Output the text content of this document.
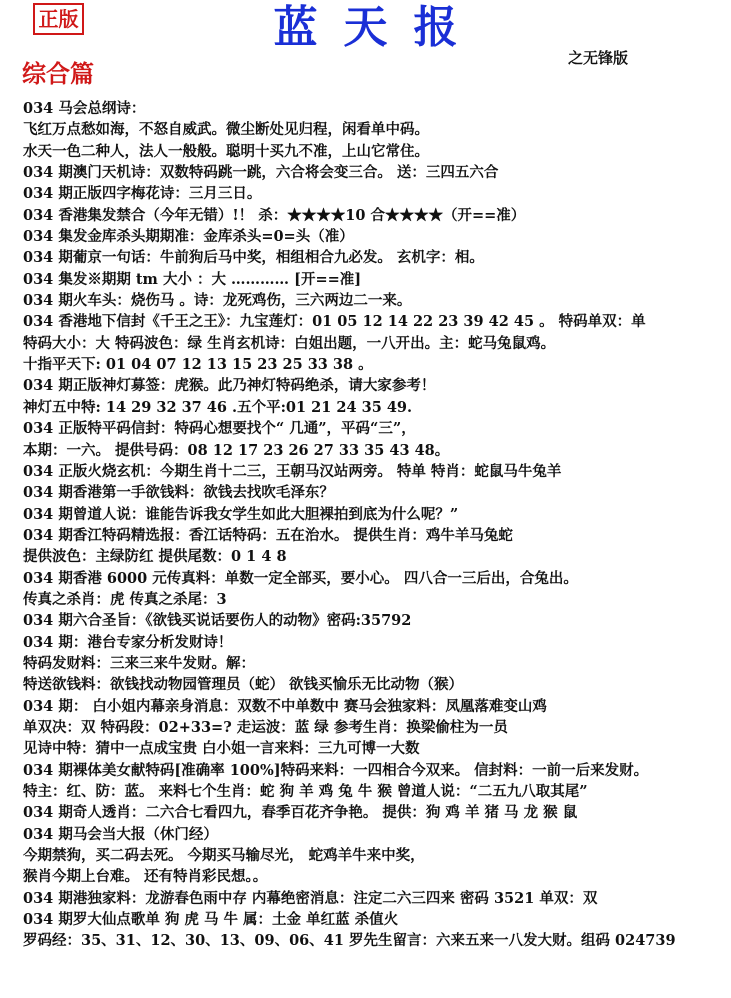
正版	蓝天报
之无锋版
综合篇
034 马会总纲诗：
飞红万点愁如海，不怒自威武。微尘断处见归程，闲看单中码。
水天一色二种人，法人一般般。聪明十买九不准，上山它常住。
034 期澳门天机诗：双数特码跳一跳，六合将会变三合。 送：三四五六合
034 期正版四字梅花诗：三月三日。
034 香港集发禁合（今年无错）!！ 杀：★★★★10 合★★★★（开==准）
034 集发金库杀头期期准：金库杀头=0=头（准）
034 期葡京一句话：牛前狗后马中奖，相组相合九必发。 玄机字：相。
034 集发※期期 tm 大小 ：大 ………… [开==准]
034 期火车头：烧伤马 。诗：龙死鸡伤，三六两边二一来。
034 香港地下信封《千王之王》：九宝莲灯：01 05 12 14 22 23 39 42 45 。 特码单双：单
特码大小：大 特码波色：绿 生肖玄机诗：白姐出题，一八开出。主：蛇马兔鼠鸡。
十指平天下: 01 04 07 12 13 15 23 25 33 38 。
034 期正版神灯募签：虎猴。此乃神灯特码绝杀，请大家参考！
神灯五中特: 14 29 32 37 46 .五个平:01 21 24 35 49.
034 正版特平码信封：特码心想要找个“ 几通”，平码“三”，
本期：一六。 提供号码：08 12 17 23 26 27 33 35 43 48。
034 正版火烧玄机：今期生肖十二三，王朝马汉站两旁。 特单 特肖：蛇鼠马牛兔羊
034 期香港第一手欲钱料：欲钱去找吹毛泽东？
034 期曾道人说：谁能告诉我女学生如此大胆裸拍到底为什么呢？”
034 期香江特码精选报：香江话特码：五在治水。 提供生肖：鸡牛羊马兔蛇
提供波色：主绿防红 提供尾数：0 1 4 8
034 期香港 6000 元传真料：单数一定全部买，要小心。 四八合一三后出，合兔出。
传真之杀肖：虎 传真之杀尾：3
034 期六合圣旨：《欲钱买说话要伤人的动物》密码:35792
034 期：港台专家分析发财诗！
特码发财料：三来三来牛发财。解：
特送欲钱料：欲钱找动物园管理员（蛇） 欲钱买愉乐无比动物（猴）
034 期： 白小姐内幕亲身消息：双数不中单数中 赛马会独家料：凤凰落难变山鸡
单双决：双 特码段：02+33=? 走运波：蓝 绿 参考生肖：换梁偷柱为一员
见诗中特：猜中一点成宝贵 白小姐一言来料：三九可博一大数
034 期裸体美女献特码[准确率 100%]特码来料：一四相合今双来。 信封料：一前一后来发财。
特主：红、防：蓝。 来料七个生肖：蛇 狗 羊 鸡 兔 牛 猴 曾道人说：“二五九八取其尾”
034 期奇人透肖：二六合七看四九，春季百花齐争艳。 提供：狗 鸡 羊 猪 马 龙 猴 鼠
034 期马会当大报（休门经）
今期禁狗，买二码去死。 今期买马输尽光， 蛇鸡羊牛来中奖，
猴肖今期上台难。 还有特肖彩民想。。
034 期港独家料：龙游春色雨中存 内幕绝密消息：注定二六三四来 密码 3521 单双：双
034 期罗大仙点歌单 狗 虎 马 牛 属：土金 单红蓝 杀值火
罗码经：35、31、12、30、13、09、06、41 罗先生留言：六来五来一八发大财。组码 024739
